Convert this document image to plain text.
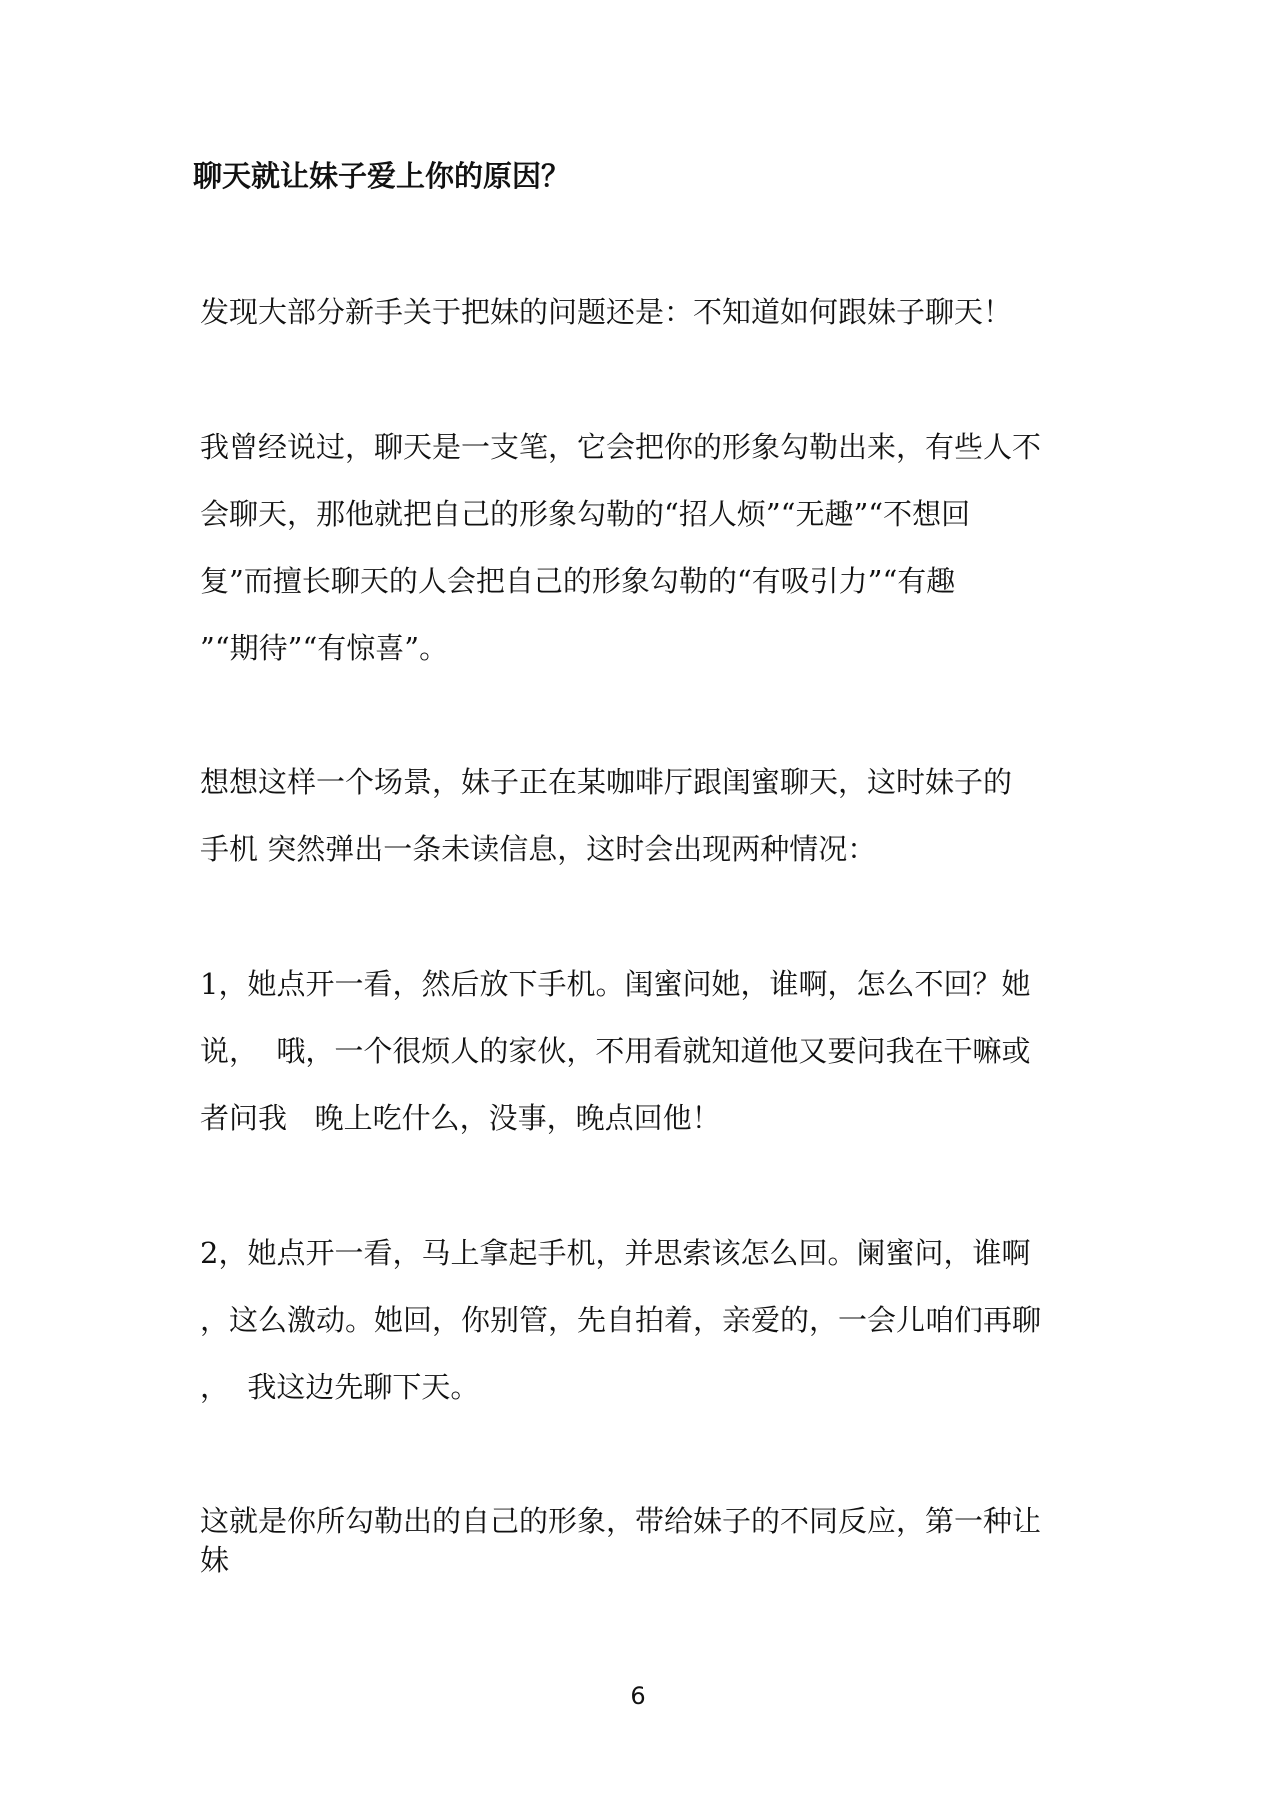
聊天就让妹子爱上你的原因？
发现大部分新手关于把妹的问题还是：不知道如何跟妹子聊天！
我曾经说过，聊天是一支笔，它会把你的形象勾勒出来，有些人不
会聊天，那他就把自己的形象勾勒的“招人烦”“无趣”“不想回
复”而擅长聊天的人会把自己的形象勾勒的“有吸引力”“有趣
”“期待”“有惊喜”。
想想这样一个场景，妹子正在某咖啡厅跟闺蜜聊天，这时妹子的
手机 突然弹出一条未读信息，这时会出现两种情况：
1，她点开一看，然后放下手机。闺蜜问她，谁啊，怎么不回？她
说，  哦，一个很烦人的家伙，不用看就知道他又要问我在干嘛或
者问我   晚上吃什么，没事，晚点回他！
2，她点开一看，马上拿起手机，并思索该怎么回。阑蜜问，谁啊
，这么激动。她回，你别管，先自拍着，亲爱的，一会儿咱们再聊
，  我这边先聊下天。
这就是你所勾勒出的自己的形象，带给妹子的不同反应，第一种让
妹
6
